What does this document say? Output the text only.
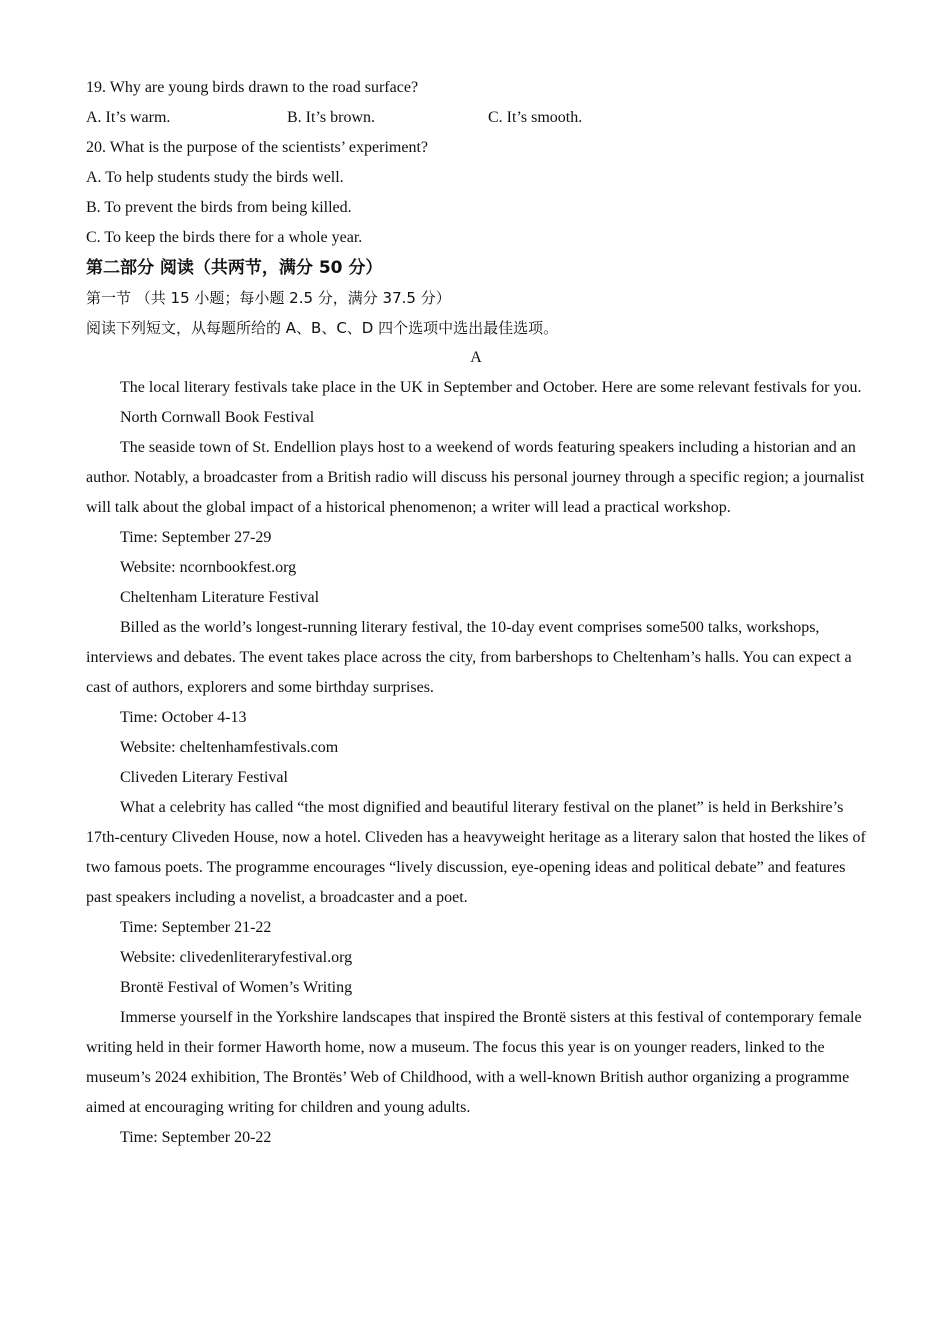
19. Why are young birds drawn to the road surface?
A. It’s warm.	B. It’s brown.	C. It’s smooth.
20. What is the purpose of the scientists’ experiment?
A. To help students study the birds well.
B. To prevent the birds from being killed.
C. To keep the birds there for a whole year.
第二部分 阅读（共两节，满分 50 分）
第一节 （共 15 小题；每小题 2.5 分，满分 37.5 分）
阅读下列短文，从每题所给的 A、B、C、D 四个选项中选出最佳选项。
A
The local literary festivals take place in the UK in September and October. Here are some relevant festivals for you.
North Cornwall Book Festival
The seaside town of St. Endellion plays host to a weekend of words featuring speakers including a historian and an author. Notably, a broadcaster from a British radio will discuss his personal journey through a specific region; a journalist will talk about the global impact of a historical phenomenon; a writer will lead a practical workshop.
Time: September 27-29
Website: ncornbookfest.org
Cheltenham Literature Festival
Billed as the world’s longest-running literary festival, the 10-day event comprises some500 talks, workshops, interviews and debates. The event takes place across the city, from barbershops to Cheltenham’s halls. You can expect a cast of authors, explorers and some birthday surprises.
Time: October 4-13
Website: cheltenhamfestivals.com
Cliveden Literary Festival
What a celebrity has called “the most dignified and beautiful literary festival on the planet” is held in Berkshire’s 17th-century Cliveden House, now a hotel. Cliveden has a heavyweight heritage as a literary salon that hosted the likes of two famous poets. The programme encourages “lively discussion, eye-opening ideas and political debate” and features past speakers including a novelist, a broadcaster and a poet.
Time: September 21-22
Website: clivedenliteraryfestival.org
Brontë Festival of Women’s Writing
Immerse yourself in the Yorkshire landscapes that inspired the Brontë sisters at this festival of contemporary female writing held in their former Haworth home, now a museum. The focus this year is on younger readers, linked to the museum’s 2024 exhibition, The Brontës’ Web of Childhood, with a well-known British author organizing a programme aimed at encouraging writing for children and young adults.
Time: September 20-22
